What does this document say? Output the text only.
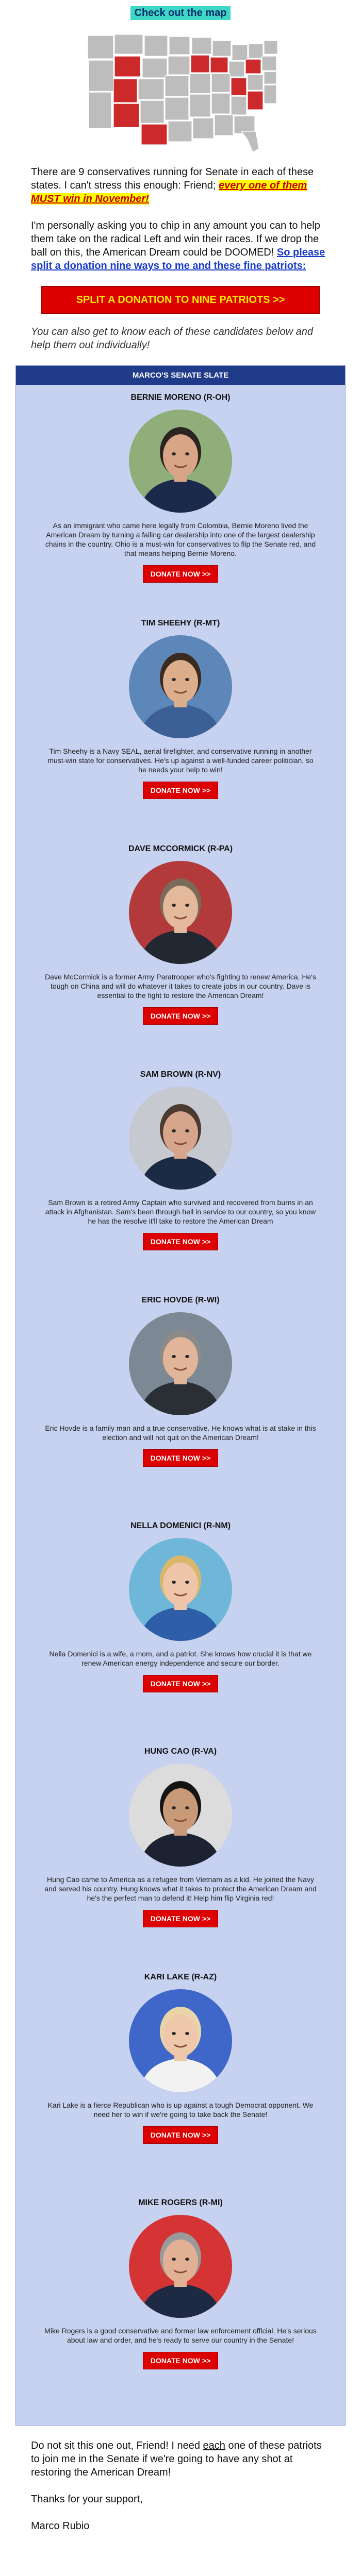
Check out the map

There are 9 conservatives running for Senate in each of these states. I can't stress this enough: Friend; every one of them MUST win in November!

I'm personally asking you to chip in any amount you can to help them take on the radical Left and win their races. If we drop the ball on this, the American Dream could be DOOMED! So please split a donation nine ways to me and these fine patriots:

SPLIT A DONATION TO NINE PATRIOTS >>

You can also get to know each of these candidates below and help them out individually!

MARCO'S SENATE SLATE
BERNIE MORENO (R-OH)
As an immigrant who came here legally from Colombia, Bernie Moreno lived the American Dream by turning a failing car dealership into one of the largest dealership chains in the country. Ohio is a must-win for conservatives to flip the Senate red, and that means helping Bernie Moreno.
DONATE NOW >>
TIM SHEEHY (R-MT)
Tim Sheehy is a Navy SEAL, aerial firefighter, and conservative running in another must-win state for conservatives. He's up against a well-funded career politician, so he needs your help to win!
DONATE NOW >>
DAVE MCCORMICK (R-PA)
Dave McCormick is a former Army Paratrooper who's fighting to renew America. He's tough on China and will do whatever it takes to create jobs in our country. Dave is essential to the fight to restore the American Dream!
DONATE NOW >>
SAM BROWN (R-NV)
Sam Brown is a retired Army Captain who survived and recovered from burns in an attack in Afghanistan. Sam's been through hell in service to our country, so you know he has the resolve it'll take to restore the American Dream
DONATE NOW >>
ERIC HOVDE (R-WI)
Eric Hovde is a family man and a true conservative. He knows what is at stake in this election and will not quit on the American Dream!
DONATE NOW >>
NELLA DOMENICI (R-NM)
Nella Domenici is a wife, a mom, and a patriot. She knows how crucial it is that we renew American energy independence and secure our border.
DONATE NOW >>
HUNG CAO (R-VA)
Hung Cao came to America as a refugee from Vietnam as a kid. He joined the Navy and served his country. Hung knows what it takes to protect the American Dream and he's the perfect man to defend it! Help him flip Virginia red!
DONATE NOW >>
KARI LAKE (R-AZ)
Kari Lake is a fierce Republican who is up against a tough Democrat opponent. We need her to win if we're going to take back the Senate!
DONATE NOW >>
MIKE ROGERS (R-MI)
Mike Rogers is a good conservative and former law enforcement official. He's serious about law and order, and he's ready to serve our country in the Senate!
DONATE NOW >>

Do not sit this one out, Friend! I need each one of these patriots to join me in the Senate if we're going to have any shot at restoring the American Dream!

Thanks for your support,

Marco Rubio
